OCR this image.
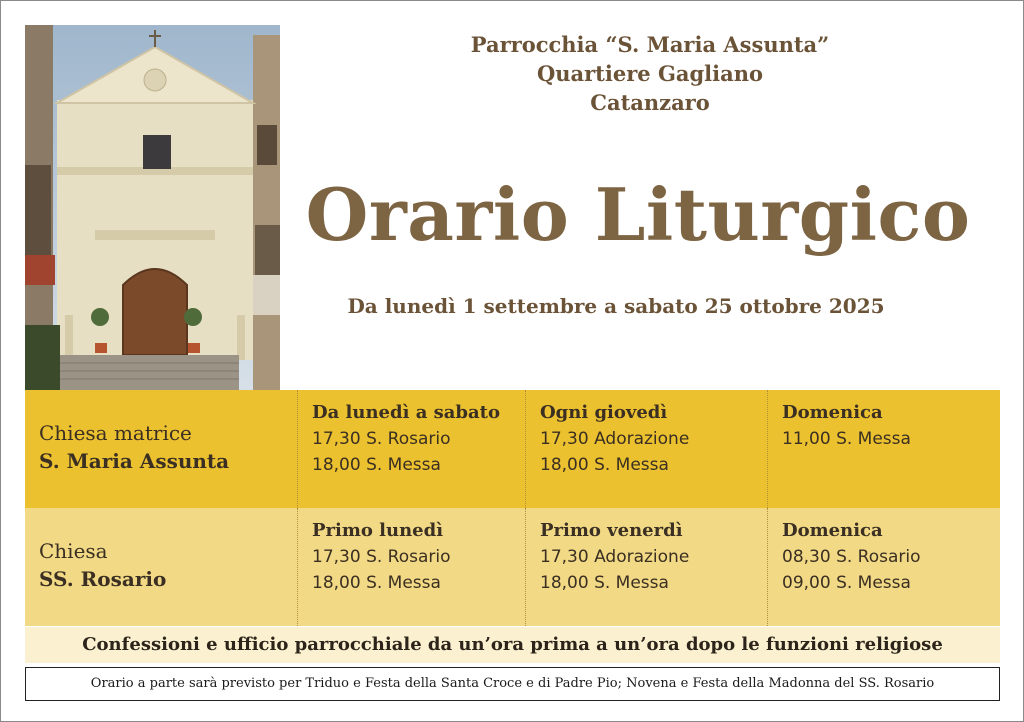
Parrocchia “S. Maria Assunta”
Quartiere Gagliano
Catanzaro
Orario Liturgico
Da lunedì 1 settembre a sabato 25 ottobre 2025
Chiesa matrice
S. Maria Assunta
Da lunedì a sabato
17,30 S. Rosario
18,00 S. Messa
Ogni giovedì
17,30 Adorazione
18,00 S. Messa
Domenica
11,00 S. Messa
Chiesa
SS. Rosario
Primo lunedì
17,30 S. Rosario
18,00 S. Messa
Primo venerdì
17,30 Adorazione
18,00 S. Messa
Domenica
08,30 S. Rosario
09,00 S. Messa
Confessioni e ufficio parrocchiale da un’ora prima a un’ora dopo le funzioni religiose
Orario a parte sarà previsto per Triduo e Festa della Santa Croce e di Padre Pio; Novena e Festa della Madonna del SS. Rosario
